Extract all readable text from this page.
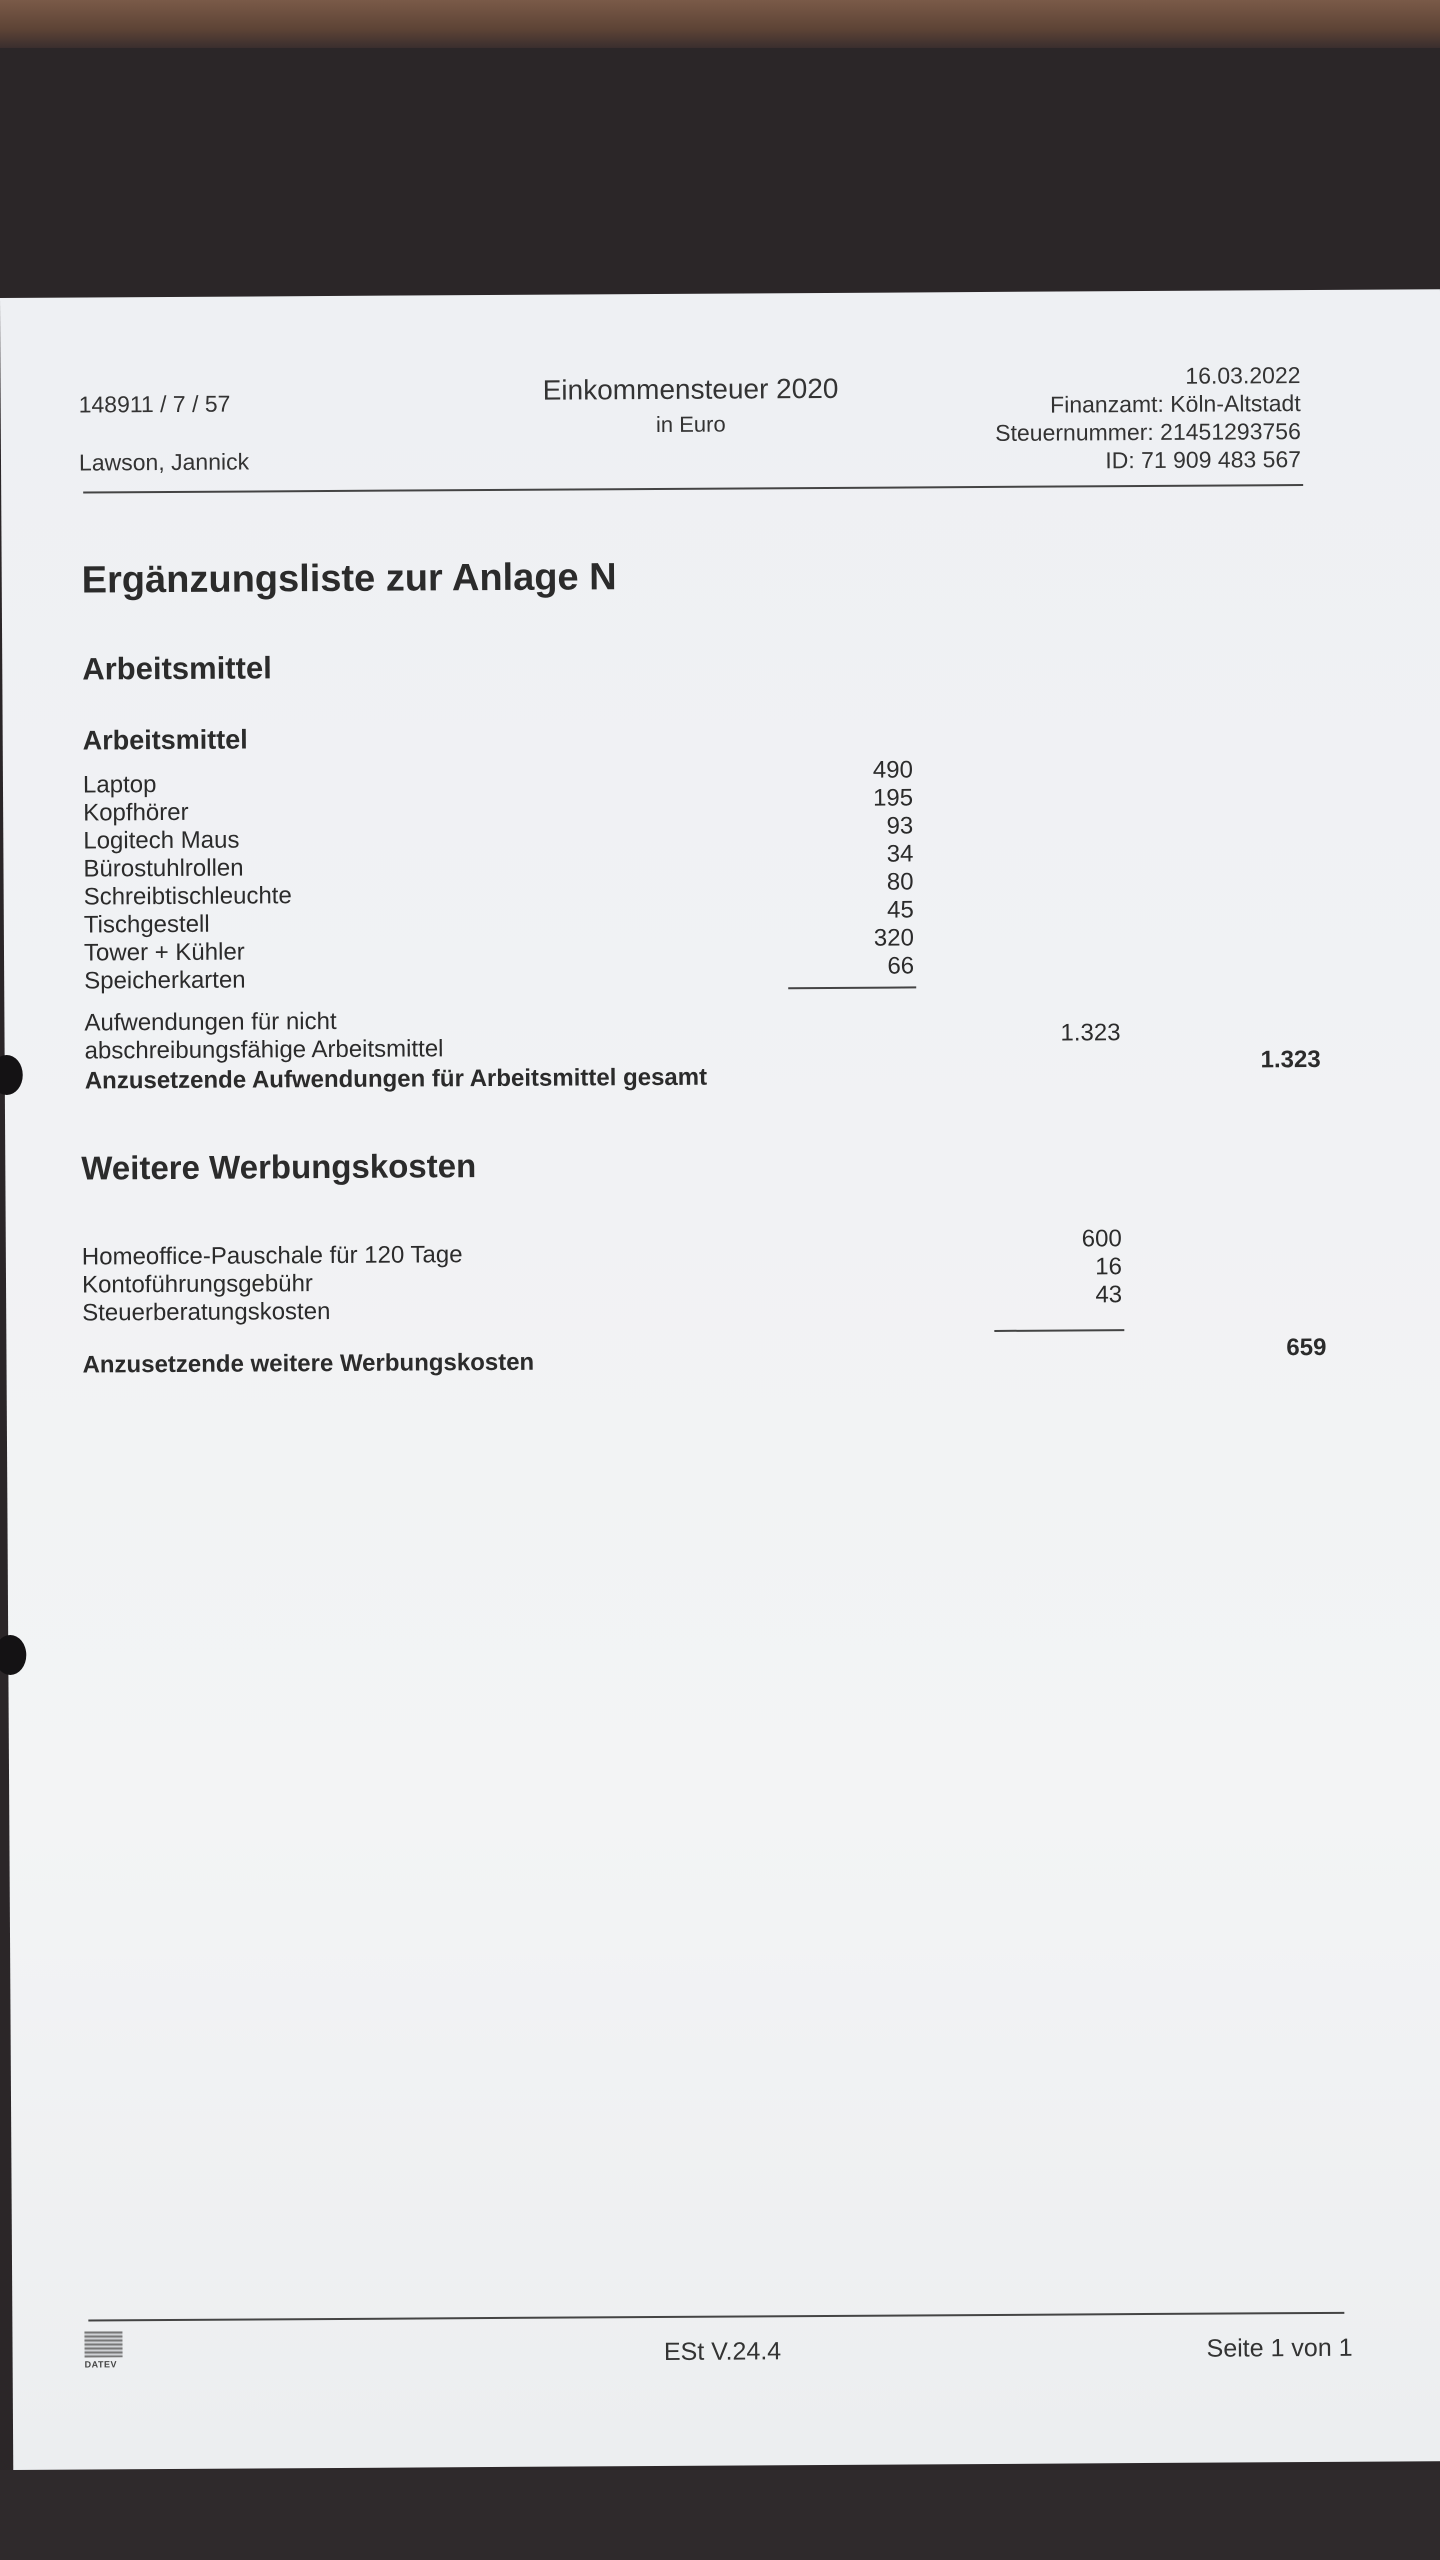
148911 / 7 / 57
Lawson, Jannick
Einkommensteuer 2020
in Euro
16.03.2022
Finanzamt: Köln-Altstadt
Steuernummer: 21451293756
ID: 71 909 483 567
Ergänzungsliste zur Anlage N
Arbeitsmittel
Arbeitsmittel
Laptop
490
Kopfhörer
195
Logitech Maus
93
Bürostuhlrollen
34
Schreibtischleuchte
80
Tischgestell
45
Tower + Kühler
320
Speicherkarten
66
Aufwendungen für nicht
abschreibungsfähige Arbeitsmittel
1.323
Anzusetzende Aufwendungen für Arbeitsmittel gesamt
1.323
Weitere Werbungskosten
Homeoffice-Pauschale für 120 Tage
600
Kontoführungsgebühr
16
Steuerberatungskosten
43
Anzusetzende weitere Werbungskosten
659
DATEV	ESt V.24.4	Seite 1 von 1
